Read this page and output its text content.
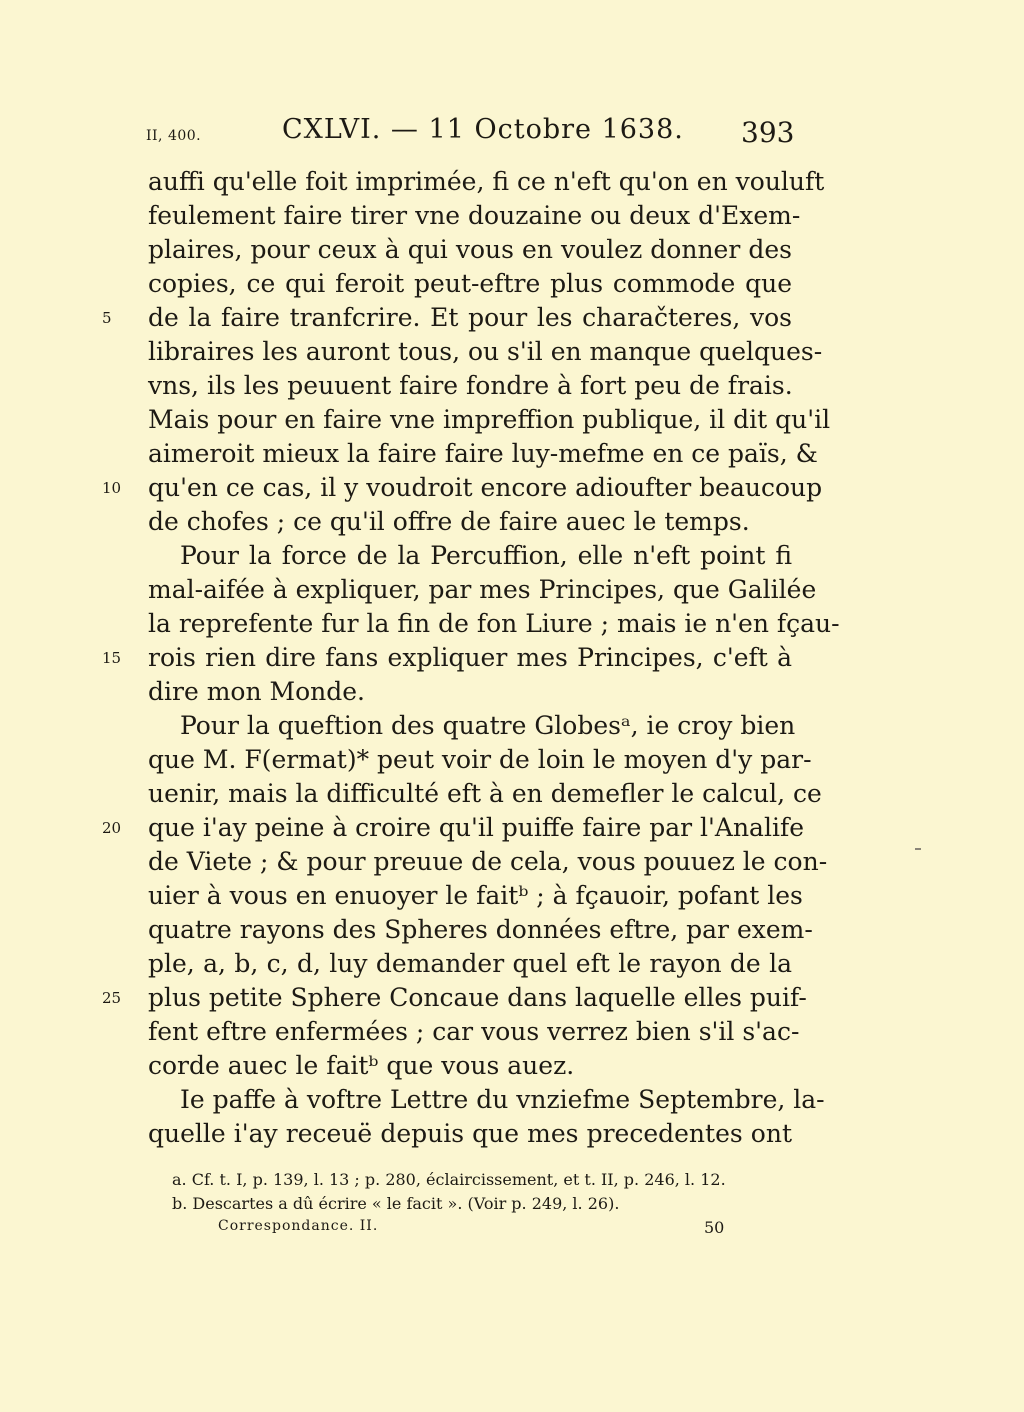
II, 400.	CXLVI. — 11 Octobre 1638. 393
auffi qu'elle foit imprimée, fi ce n'eft qu'on en vouluft
feulement faire tirer vne douzaine ou deux d'Exem-
plaires, pour ceux à qui vous en voulez donner des
copies, ce qui feroit peut-eftre plus commode que
5	de la faire tranfcrire. Et pour les charačteres, vos
libraires les auront tous, ou s'il en manque quelques-
vns, ils les peuuent faire fondre à fort peu de frais.
Mais pour en faire vne impreffion publique, il dit qu'il
aimeroit mieux la faire faire luy-mefme en ce païs, &
10 qu'en ce cas, il y voudroit encore adioufter beaucoup
de chofes ; ce qu'il offre de faire auec le temps.
Pour la force de la Percuffion, elle n'eft point fi
mal-aifée à expliquer, par mes Principes, que Galilée
la reprefente fur la fin de fon Liure ; mais ie n'en fçau-
15 rois rien dire fans expliquer mes Principes, c'eft à
dire mon Monde.
Pour la queftion des quatre Globesᵃ, ie croy bien
que M. F(ermat)* peut voir de loin le moyen d'y par-
uenir, mais la difficulté eft à en demefler le calcul, ce
20 que i'ay peine à croire qu'il puiffe faire par l'Analife
de Viete ; & pour preuue de cela, vous pouuez le con-
uier à vous en enuoyer le faitᵇ ; à fçauoir, pofant les
quatre rayons des Spheres données eftre, par exem-
ple, a, b, c, d, luy demander quel eft le rayon de la
25 plus petite Sphere Concaue dans laquelle elles puif-
fent eftre enfermées ; car vous verrez bien s'il s'ac-
corde auec le faitᵇ que vous auez.
Ie paffe à voftre Lettre du vnziefme Septembre, la-
quelle i'ay receuë depuis que mes precedentes ont
a. Cf. t. I, p. 139, l. 13 ; p. 280, éclaircissement, et t. II, p. 246, l. 12.
b. Descartes a dû écrire « le facit ». (Voir p. 249, l. 26).
Correspondance. II.	50
